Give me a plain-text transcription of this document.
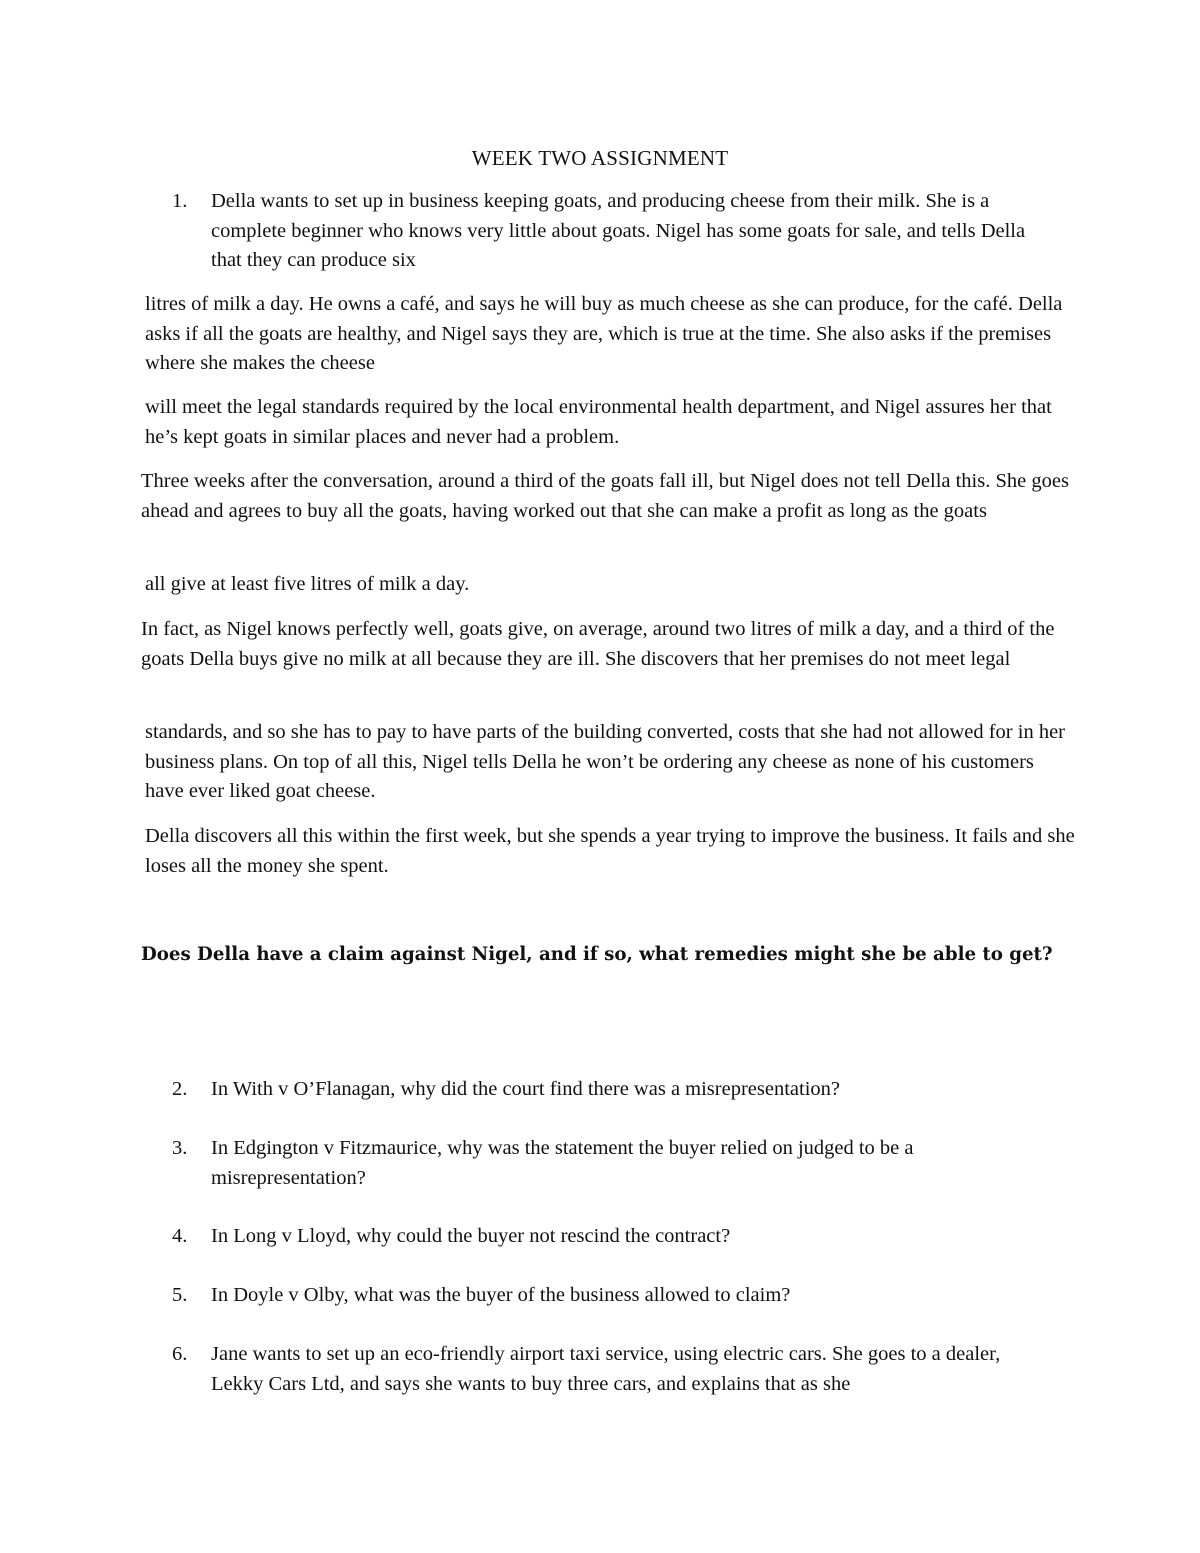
WEEK TWO ASSIGNMENT
1.	Della wants to set up in business keeping goats, and producing cheese from their milk. She is a complete beginner who knows very little about goats. Nigel has some goats for sale, and tells Della that they can produce six
litres of milk a day. He owns a café, and says he will buy as much cheese as she can produce, for the café. Della asks if all the goats are healthy, and Nigel says they are, which is true at the time. She also asks if the premises where she makes the cheese
will meet the legal standards required by the local environmental health department, and Nigel assures her that he’s kept goats in similar places and never had a problem.
Three weeks after the conversation, around a third of the goats fall ill, but Nigel does not tell Della this. She goes ahead and agrees to buy all the goats, having worked out that she can make a profit as long as the goats
all give at least five litres of milk a day.
In fact, as Nigel knows perfectly well, goats give, on average, around two litres of milk a day, and a third of the goats Della buys give no milk at all because they are ill. She discovers that her premises do not meet legal
standards, and so she has to pay to have parts of the building converted, costs that she had not allowed for in her business plans. On top of all this, Nigel tells Della he won’t be ordering any cheese as none of his customers have ever liked goat cheese.
Della discovers all this within the first week, but she spends a year trying to improve the business. It fails and she loses all the money she spent.
Does Della have a claim against Nigel, and if so, what remedies might she be able to get?
2.	In With v O’Flanagan, why did the court find there was a misrepresentation?
3.	In Edgington v Fitzmaurice, why was the statement the buyer relied on judged to be a misrepresentation?
4.	In Long v Lloyd, why could the buyer not rescind the contract?
5.	In Doyle v Olby, what was the buyer of the business allowed to claim?
6.	Jane wants to set up an eco-friendly airport taxi service, using electric cars. She goes to a dealer, Lekky Cars Ltd, and says she wants to buy three cars, and explains that as she
